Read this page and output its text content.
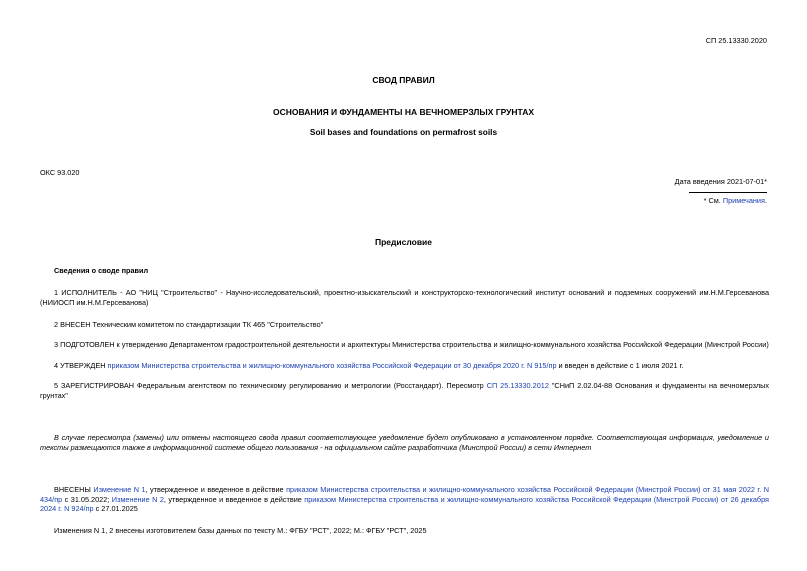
СП 25.13330.2020
СВОД ПРАВИЛ
ОСНОВАНИЯ И ФУНДАМЕНТЫ НА ВЕЧНОМЕРЗЛЫХ ГРУНТАХ
Soil bases and foundations on permafrost soils
ОКС 93.020
Дата введения 2021-07-01*
* См. Примечания.
Предисловие
Сведения о своде правил
1 ИСПОЛНИТЕЛЬ - АО "НИЦ "Строительство" - Научно-исследовательский, проектно-изыскательский и конструкторско-технологический институт оснований и подземных сооружений им.Н.М.Герсеванова (НИИОСП им.Н.М.Герсеванова)
2 ВНЕСЕН Техническим комитетом по стандартизации ТК 465 "Строительство"
3 ПОДГОТОВЛЕН к утверждению Департаментом градостроительной деятельности и архитектуры Министерства строительства и жилищно-коммунального хозяйства Российской Федерации (Минстрой России)
4 УТВЕРЖДЕН приказом Министерства строительства и жилищно-коммунального хозяйства Российской Федерации от 30 декабря 2020 г. N 915/пр и введен в действие с 1 июля 2021 г.
5 ЗАРЕГИСТРИРОВАН Федеральным агентством по техническому регулированию и метрологии (Росстандарт). Пересмотр СП 25.13330.2012 "СНиП 2.02.04-88 Основания и фундаменты на вечномерзлых грунтах"
В случае пересмотра (замены) или отмены настоящего свода правил соответствующее уведомление будет опубликовано в установленном порядке. Соответствующая информация, уведомление и тексты размещаются также в информационной системе общего пользования - на официальном сайте разработчика (Минстрой России) в сети Интернет
ВНЕСЕНЫ Изменение N 1, утвержденное и введенное в действие приказом Министерства строительства и жилищно-коммунального хозяйства Российской Федерации (Минстрой России) от 31 мая 2022 г. N 434/пр с 31.05.2022; Изменение N 2, утвержденное и введенное в действие приказом Министерства строительства и жилищно-коммунального хозяйства Российской Федерации (Минстрой России) от 26 декабря 2024 г. N 924/пр с 27.01.2025
Изменения N 1, 2 внесены изготовителем базы данных по тексту М.: ФГБУ "РСТ", 2022; М.: ФГБУ "РСТ", 2025
